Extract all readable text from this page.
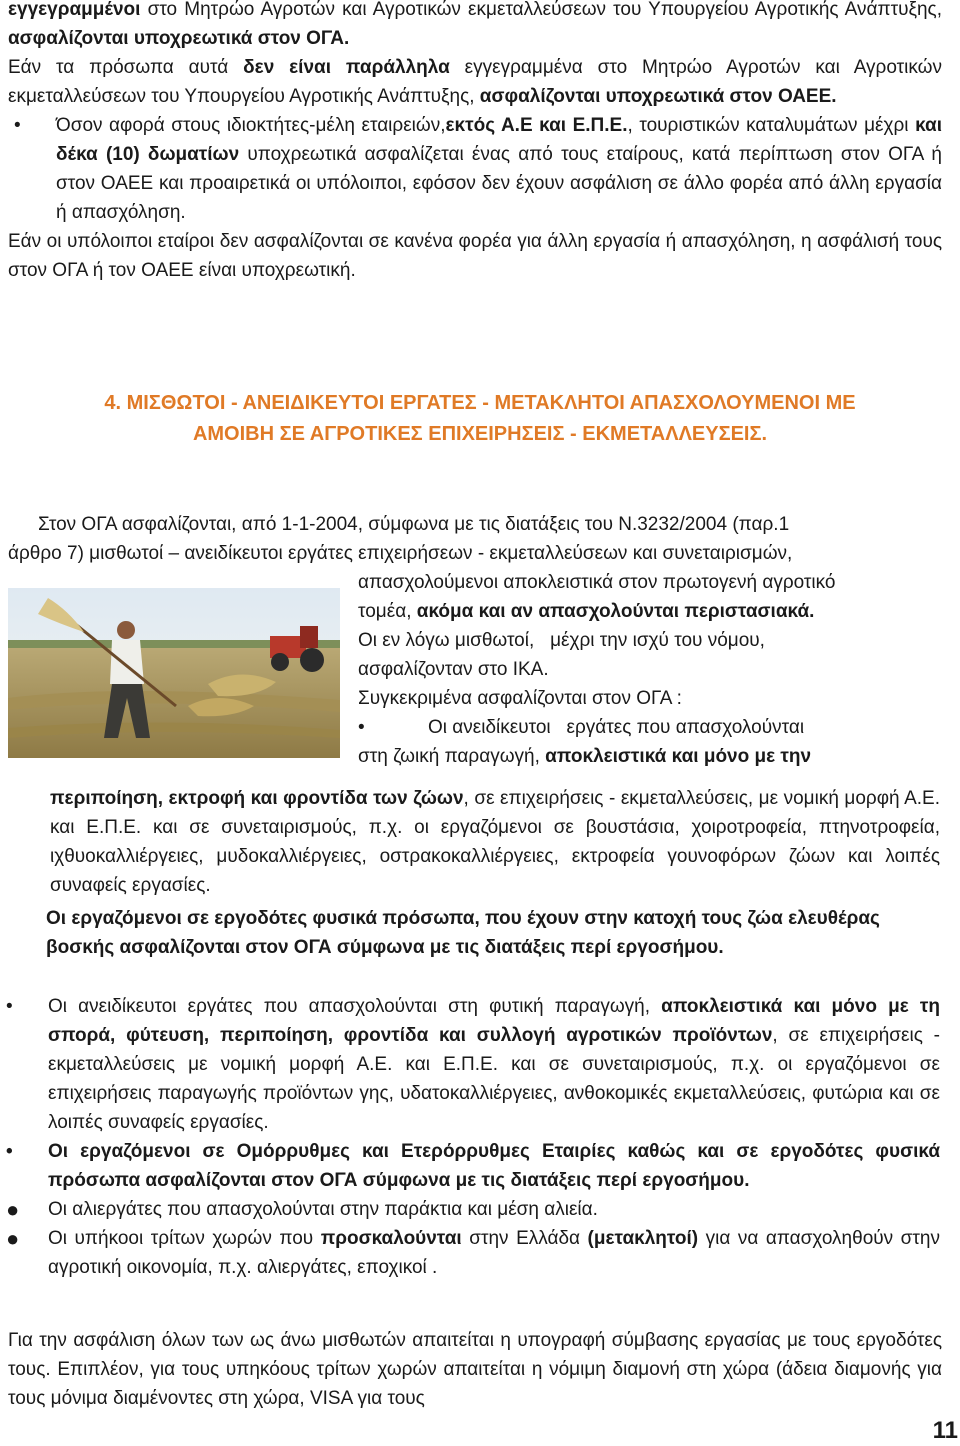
εγγεγραμμένοι στο Μητρώο Αγροτών και Αγροτικών εκμεταλλεύσεων του Υπουργείου Αγροτικής Ανάπτυξης, ασφαλίζονται υποχρεωτικά στον ΟΓΑ.

Εάν τα πρόσωπα αυτά δεν είναι παράλληλα εγγεγραμμένα στο Μητρώο Αγροτών και Αγροτικών εκμεταλλεύσεων του Υπουργείου Αγροτικής Ανάπτυξης, ασφαλίζονται υποχρεωτικά στον ΟΑΕΕ.

• Όσον αφορά στους ιδιοκτήτες-μέλη εταιρειών,εκτός Α.Ε και Ε.Π.Ε., τουριστικών καταλυμάτων μέχρι και δέκα (10) δωματίων υποχρεωτικά ασφαλίζεται ένας από τους εταίρους, κατά περίπτωση στον ΟΓΑ ή στον ΟΑΕΕ και προαιρετικά οι υπόλοιποι, εφόσον δεν έχουν ασφάλιση σε άλλο φορέα από άλλη εργασία ή απασχόληση.

Εάν οι υπόλοιποι εταίροι δεν ασφαλίζονται σε κανένα φορέα για άλλη εργασία ή απασχόληση, η ασφάλισή τους στον ΟΓΑ ή τον ΟΑΕΕ είναι υποχρεωτική.

4. ΜΙΣΘΩΤΟΙ - ΑΝΕΙΔΙΚΕΥΤΟΙ ΕΡΓΑΤΕΣ - ΜΕΤΑΚΛΗΤΟΙ ΑΠΑΣΧΟΛΟΥΜΕΝΟΙ ΜΕ
ΑΜΟΙΒΗ ΣΕ ΑΓΡΟΤΙΚΕΣ ΕΠΙΧΕΙΡΗΣΕΙΣ - ΕΚΜΕΤΑΛΛΕΥΣΕΙΣ.

Στον ΟΓΑ ασφαλίζονται, από 1-1-2004, σύμφωνα με τις διατάξεις του Ν.3232/2004 (παρ.1

άρθρο 7) μισθωτοί – ανειδίκευτοι εργάτες επιχειρήσεων - εκμεταλλεύσεων και συνεταιρισμών,

απασχολούμενοι αποκλειστικά στον πρωτογενή αγροτικό

τομέα, ακόμα και αν απασχολούνται περιστασιακά.

Οι εν λόγω μισθωτοί,   μέχρι την ισχύ του νόμου,

ασφαλίζονταν στο ΙΚΑ.

Συγκεκριμένα ασφαλίζονται στον ΟΓΑ :

•	Οι ανειδίκευτοι   εργάτες που απασχολούνται

στη ζωική παραγωγή, αποκλειστικά και μόνο με την

περιποίηση, εκτροφή και φροντίδα των ζώων, σε επιχειρήσεις - εκμεταλλεύσεις, με νομική μορφή Α.Ε. και Ε.Π.Ε. και σε συνεταιρισμούς, π.χ. οι εργαζόμενοι σε βουστάσια, χοιροτροφεία, πτηνοτροφεία, ιχθυοκαλλιέργειες, μυδοκαλλιέργειες, οστρακοκαλλιέργειες, εκτροφεία γουνοφόρων ζώων και λοιπές συναφείς εργασίες.

Οι εργαζόμενοι σε εργοδότες φυσικά πρόσωπα, που έχουν στην κατοχή τους ζώα ελευθέρας βοσκής ασφαλίζονται στον ΟΓΑ σύμφωνα με τις διατάξεις περί εργοσήμου.

• Οι ανειδίκευτοι εργάτες που απασχολούνται στη φυτική παραγωγή, αποκλειστικά και μόνο με τη σπορά, φύτευση, περιποίηση, φροντίδα και συλλογή αγροτικών προϊόντων, σε επιχειρήσεις - εκμεταλλεύσεις με νομική μορφή Α.Ε. και Ε.Π.Ε. και σε συνεταιρισμούς, π.χ. οι εργαζόμενοι σε επιχειρήσεις παραγωγής προϊόντων γης, υδατοκαλλιέργειες, ανθοκομικές εκμεταλλεύσεις, φυτώρια και σε λοιπές συναφείς εργασίες.

• Οι εργαζόμενοι σε Ομόρρυθμες και Ετερόρρυθμες Εταιρίες καθώς και σε εργοδότες φυσικά πρόσωπα ασφαλίζονται στον ΟΓΑ σύμφωνα με τις διατάξεις περί εργοσήμου.

● Οι αλιεργάτες που απασχολούνται στην παράκτια και μέση αλιεία.

● Οι υπήκοοι τρίτων χωρών που προσκαλούνται στην Ελλάδα (μετακλητοί) για να απασχοληθούν στην αγροτική οικονομία, π.χ. αλιεργάτες, εποχικοί .

Για την ασφάλιση όλων των ως άνω μισθωτών απαιτείται η υπογραφή σύμβασης εργασίας με τους εργοδότες τους. Επιπλέον, για τους υπηκόους τρίτων χωρών απαιτείται η νόμιμη διαμονή στη χώρα (άδεια διαμονής για τους μόνιμα διαμένοντες στη χώρα, VISA για τους

11
